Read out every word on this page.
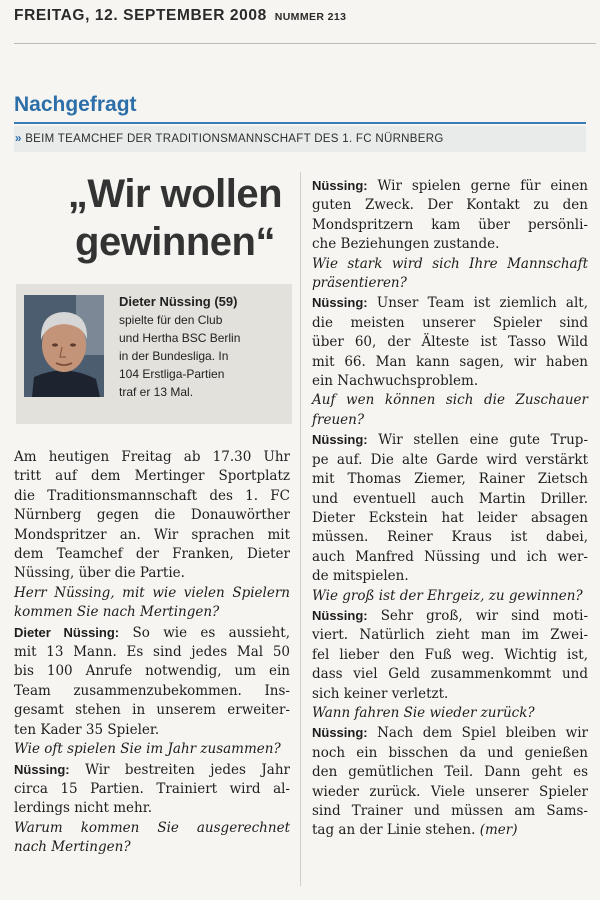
FREITAG, 12. SEPTEMBER 2008 NUMMER 213
Nachgefragt
» BEIM TEAMCHEF DER TRADITIONSMANNSCHAFT DES 1. FC NÜRNBERG
„Wir wollen
gewinnen“
Dieter Nüssing (59)
spielte für den Club
und Hertha BSC Berlin
in der Bundesliga. In
104 Erstliga-Partien
traf er 13 Mal.
Am heutigen Freitag ab 17.30 Uhr
tritt auf dem Mertinger Sportplatz
die Traditionsmannschaft des 1. FC
Nürnberg gegen die Donauwörther
Mondspritzer an. Wir sprachen mit
dem Teamchef der Franken, Dieter
Nüssing, über die Partie.
Herr Nüssing, mit wie vielen Spielern
kommen Sie nach Mertingen?
Dieter Nüssing: So wie es aussieht,
mit 13 Mann. Es sind jedes Mal 50
bis 100 Anrufe notwendig, um ein
Team zusammenzubekommen. Ins-
gesamt stehen in unserem erweiter-
ten Kader 35 Spieler.
Wie oft spielen Sie im Jahr zusammen?
Nüssing: Wir bestreiten jedes Jahr
circa 15 Partien. Trainiert wird al-
lerdings nicht mehr.
Warum kommen Sie ausgerechnet
nach Mertingen?
Nüssing: Wir spielen gerne für einen
guten Zweck. Der Kontakt zu den
Mondspritzern kam über persönli-
che Beziehungen zustande.
Wie stark wird sich Ihre Mannschaft
präsentieren?
Nüssing: Unser Team ist ziemlich alt,
die meisten unserer Spieler sind
über 60, der Älteste ist Tasso Wild
mit 66. Man kann sagen, wir haben
ein Nachwuchsproblem.
Auf wen können sich die Zuschauer
freuen?
Nüssing: Wir stellen eine gute Trup-
pe auf. Die alte Garde wird verstärkt
mit Thomas Ziemer, Rainer Zietsch
und eventuell auch Martin Driller.
Dieter Eckstein hat leider absagen
müssen. Reiner Kraus ist dabei,
auch Manfred Nüssing und ich wer-
de mitspielen.
Wie groß ist der Ehrgeiz, zu gewinnen?
Nüssing: Sehr groß, wir sind moti-
viert. Natürlich zieht man im Zwei-
fel lieber den Fuß weg. Wichtig ist,
dass viel Geld zusammenkommt und
sich keiner verletzt.
Wann fahren Sie wieder zurück?
Nüssing: Nach dem Spiel bleiben wir
noch ein bisschen da und genießen
den gemütlichen Teil. Dann geht es
wieder zurück. Viele unserer Spieler
sind Trainer und müssen am Sams-
tag an der Linie stehen. (mer)
